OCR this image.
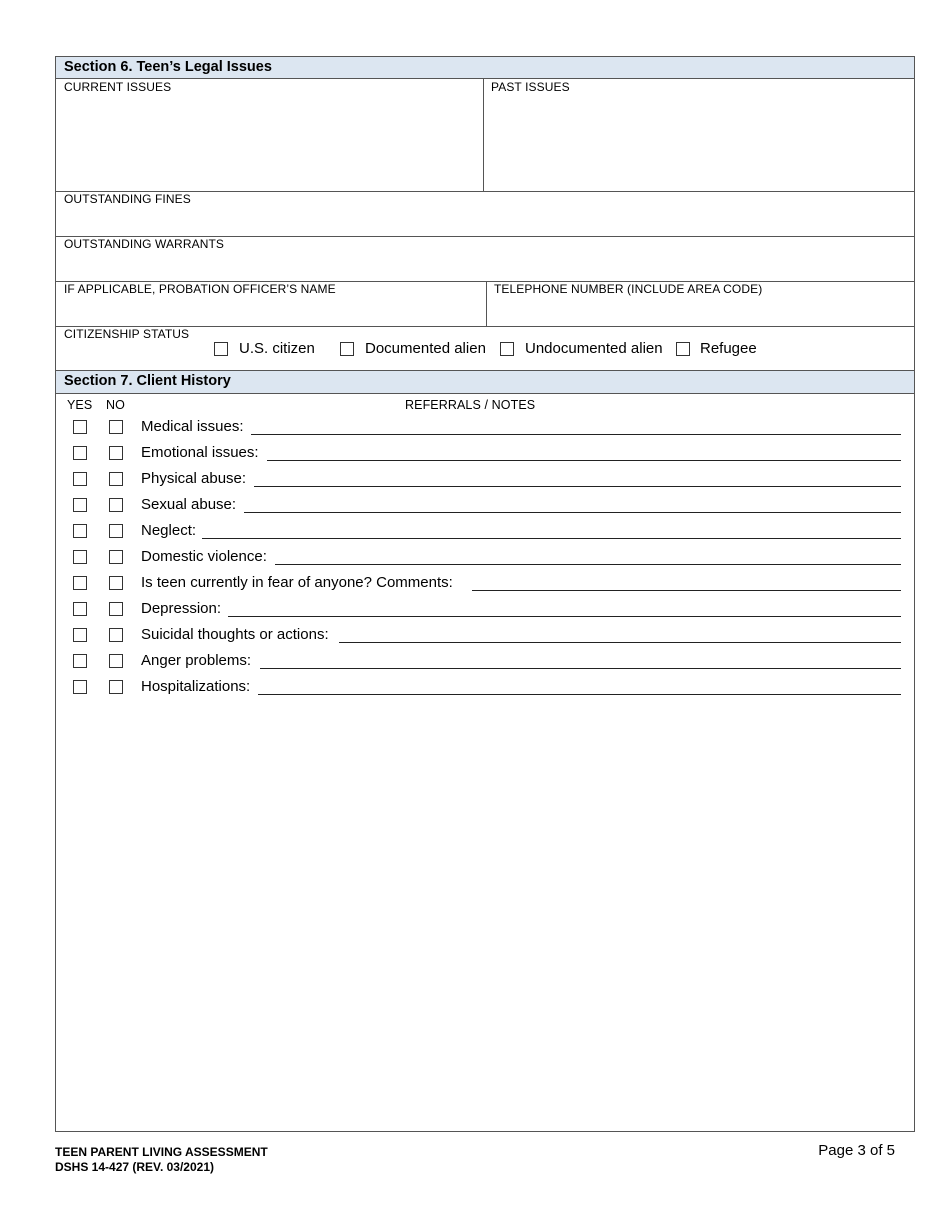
Section 6. Teen’s Legal Issues
CURRENT ISSUES	PAST ISSUES
OUTSTANDING FINES
OUTSTANDING WARRANTS
IF APPLICABLE, PROBATION OFFICER’S NAME	TELEPHONE NUMBER (INCLUDE AREA CODE)
CITIZENSHIP STATUS
U.S. citizen	Documented alien	Undocumented alien Refugee
Section 7. Client History
YES NO	REFERRALS / NOTES
Medical issues:
Emotional issues:
Physical abuse:
Sexual abuse:
Neglect:
Domestic violence:
Is teen currently in fear of anyone? Comments:
Depression:
Suicidal thoughts or actions:
Anger problems:
Hospitalizations:
TEEN PARENT LIVING ASSESSMENT
DSHS 14-427 (REV. 03/2021)
Page 3 of 5
